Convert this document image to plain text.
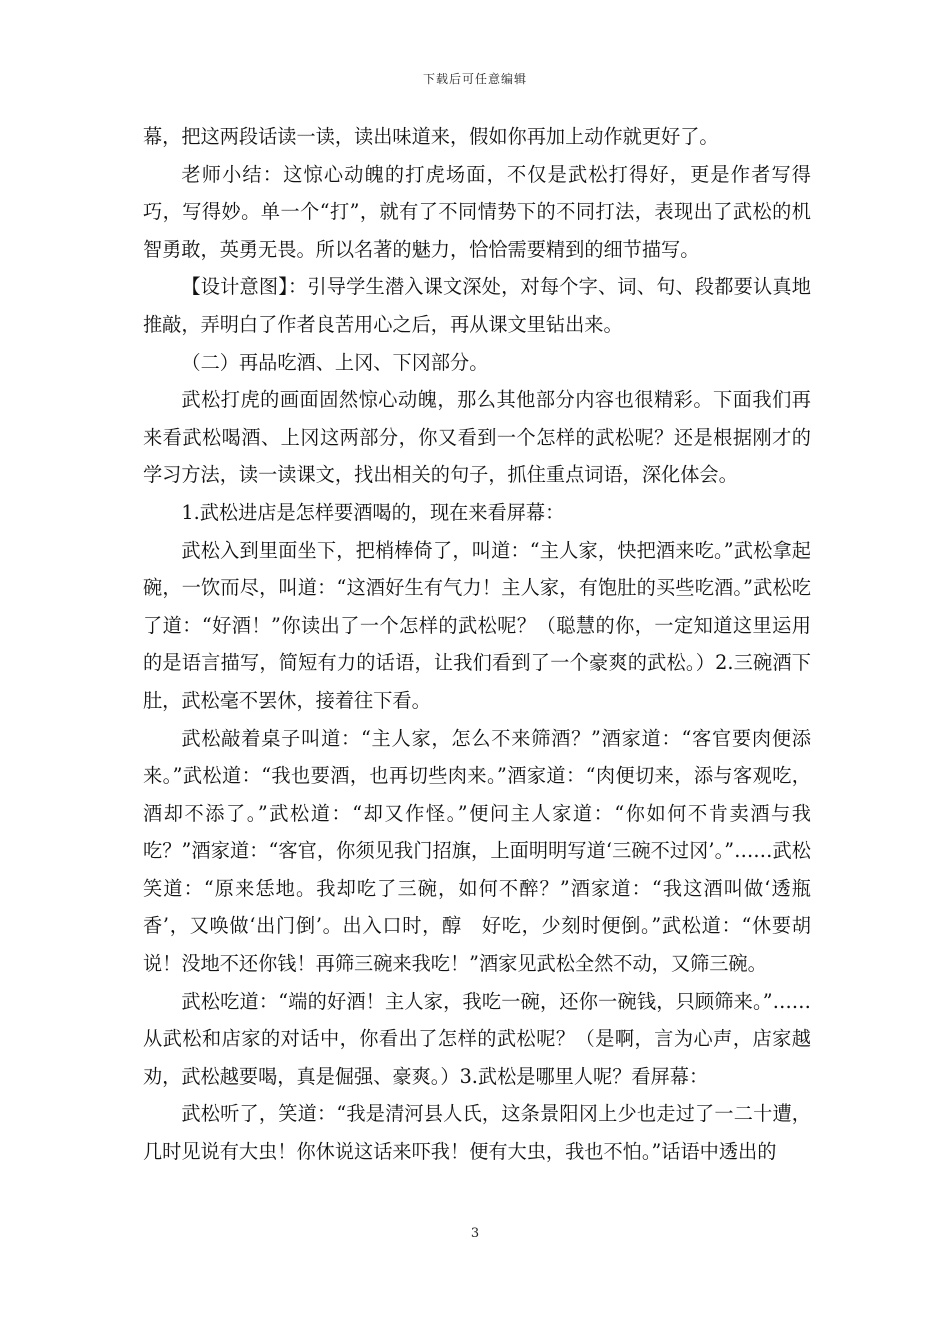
下载后可任意编辑

幕，把这两段话读一读，读出味道来，假如你再加上动作就更好了。

老师小结：这惊心动魄的打虎场面，不仅是武松打得好，更是作者写得巧，写得妙。单一个“打”，就有了不同情势下的不同打法，表现出了武松的机智勇敢，英勇无畏。所以名著的魅力，恰恰需要精到的细节描写。

【设计意图】：引导学生潜入课文深处，对每个字、词、句、段都要认真地推敲，弄明白了作者良苦用心之后，再从课文里钻出来。

（二）再品吃酒、上冈、下冈部分。

武松打虎的画面固然惊心动魄，那么其他部分内容也很精彩。下面我们再来看武松喝酒、上冈这两部分，你又看到一个怎样的武松呢？还是根据刚才的学习方法，读一读课文，找出相关的句子，抓住重点词语，深化体会。

1.武松进店是怎样要酒喝的，现在来看屏幕：

武松入到里面坐下，把梢棒倚了，叫道：“主人家，快把酒来吃。”武松拿起碗，一饮而尽，叫道：“这酒好生有气力！主人家，有饱肚的买些吃酒。”武松吃了道：“好酒！”你读出了一个怎样的武松呢？（聪慧的你，一定知道这里运用的是语言描写，简短有力的话语，让我们看到了一个豪爽的武松。）2.三碗酒下肚，武松毫不罢休，接着往下看。

武松敲着桌子叫道：“主人家，怎么不来筛酒？”酒家道：“客官要肉便添来。”武松道：“我也要酒，也再切些肉来。”酒家道：“肉便切来，添与客观吃，酒却不添了。”武松道：“却又作怪。”便问主人家道：“你如何不肯卖酒与我吃？”酒家道：“客官，你须见我门招旗，上面明明写道‘三碗不过冈’。”……武松笑道：“原来恁地。我却吃了三碗，如何不醉？”酒家道：“我这酒叫做‘透瓶香’，又唤做‘出门倒’。出入口时，醇　好吃，少刻时便倒。”武松道：“休要胡说！没地不还你钱！再筛三碗来我吃！”酒家见武松全然不动，又筛三碗。

武松吃道：“端的好酒！主人家，我吃一碗，还你一碗钱，只顾筛来。”……从武松和店家的对话中，你看出了怎样的武松呢？（是啊，言为心声，店家越劝，武松越要喝，真是倔强、豪爽。）3.武松是哪里人呢？看屏幕：

武松听了，笑道：“我是清河县人氏，这条景阳冈上少也走过了一二十遭，几时见说有大虫！你休说这话来吓我！便有大虫，我也不怕。”话语中透出的

3
